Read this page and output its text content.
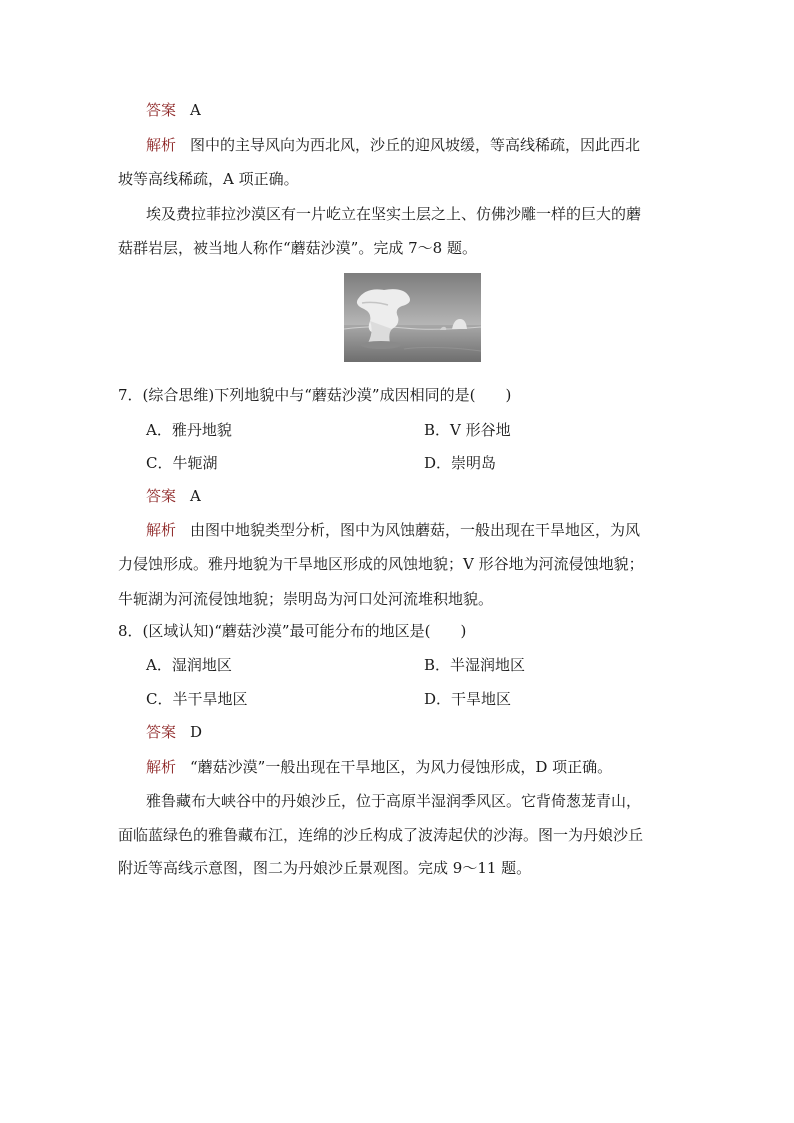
答案 A
解析 图中的主导风向为西北风，沙丘的迎风坡缓，等高线稀疏，因此西北
坡等高线稀疏，A 项正确。
埃及费拉菲拉沙漠区有一片屹立在坚实土层之上、仿佛沙雕一样的巨大的蘑
菇群岩层，被当地人称作“蘑菇沙漠”。完成 7～8 题。
7．(综合思维)下列地貌中与“蘑菇沙漠”成因相同的是(　　)
A．雅丹地貌	B．V 形谷地
C．牛轭湖	D．崇明岛
答案 A
解析 由图中地貌类型分析，图中为风蚀蘑菇，一般出现在干旱地区，为风
力侵蚀形成。雅丹地貌为干旱地区形成的风蚀地貌；V 形谷地为河流侵蚀地貌；
牛轭湖为河流侵蚀地貌；崇明岛为河口处河流堆积地貌。
8．(区域认知)“蘑菇沙漠”最可能分布的地区是(　　)
A．湿润地区	B．半湿润地区
C．半干旱地区	D．干旱地区
答案 D
解析 “蘑菇沙漠”一般出现在干旱地区，为风力侵蚀形成，D 项正确。
雅鲁藏布大峡谷中的丹娘沙丘，位于高原半湿润季风区。它背倚葱茏青山，
面临蓝绿色的雅鲁藏布江，连绵的沙丘构成了波涛起伏的沙海。图一为丹娘沙丘
附近等高线示意图，图二为丹娘沙丘景观图。完成 9～11 题。
